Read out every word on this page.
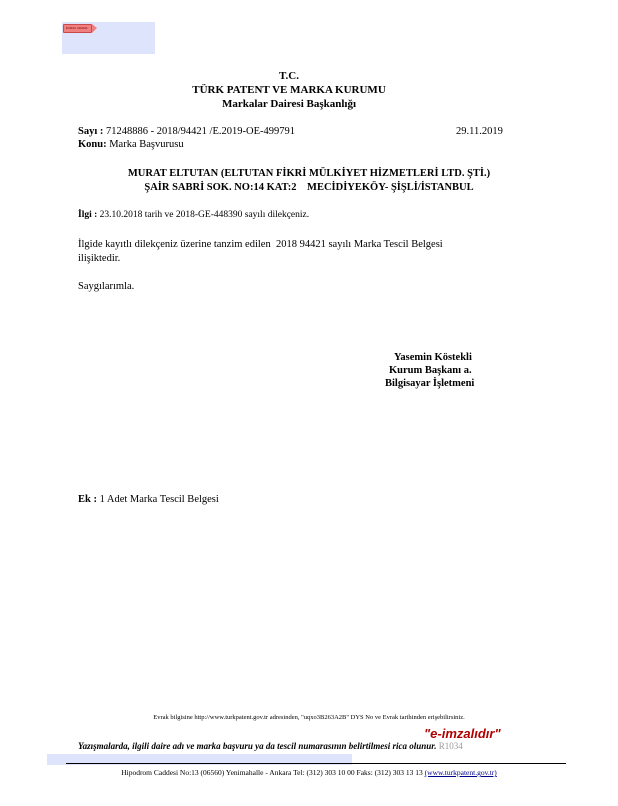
EVRAK ARAMA
T.C.
TÜRK PATENT VE MARKA KURUMU
Markalar Dairesi Başkanlığı
Sayı : 71248886 - 2018/94421 /E.2019-OE-499791	29.11.2019
Konu: Marka Başvurusu
MURAT ELTUTAN (ELTUTAN FİKRİ MÜLKİYET HİZMETLERİ LTD. ŞTİ.)
ŞAİR SABRİ SOK. NO:14 KAT:2    MECİDİYEKÖY- ŞİŞLİ/İSTANBUL
İlgi : 23.10.2018 tarih ve 2018-GE-448390 sayılı dilekçeniz.
İlgide kayıtlı dilekçeniz üzerine tanzim edilen  2018 94421 sayılı Marka Tescil Belgesi
ilişiktedir.
Saygılarımla.
Yasemin Köstekli
Kurum Başkanı a.
Bilgisayar İşletmeni
Ek : 1 Adet Marka Tescil Belgesi
Evrak bilgisine http://www.turkpatent.gov.tr adresinden, "uqxo3B263A2B" DYS No ve Evrak tarihinden erişebilirsiniz.
"e-imzalıdır"
Yazışmalarda, ilgili daire adı ve marka başvuru ya da tescil numarasının belirtilmesi rica olunur. R1034
Hipodrom Caddesi No:13 (06560) Yenimahalle - Ankara Tel: (312) 303 10 00 Faks: (312) 303 13 13 (www.turkpatent.gov.tr)
